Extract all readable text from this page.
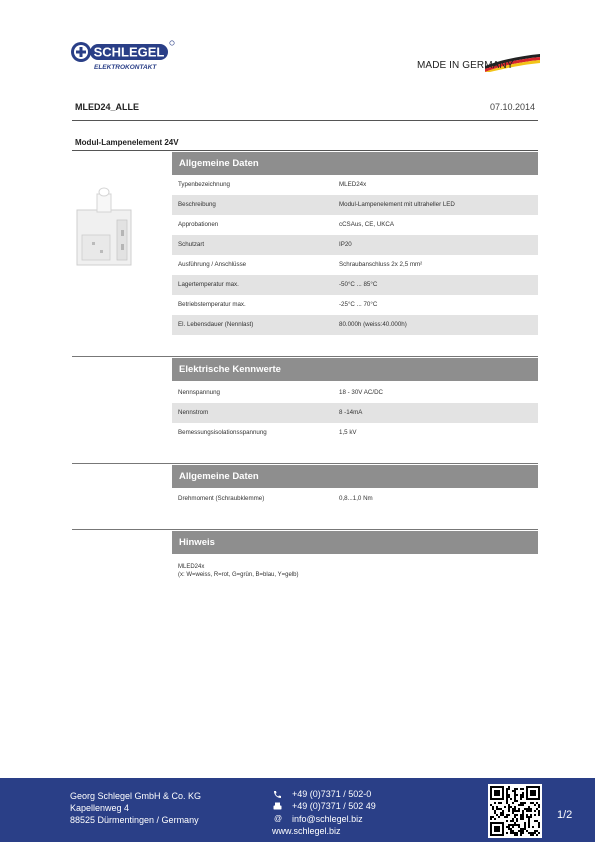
SCHLEGEL
ELEKTROKONTAKT	MADE IN GERMANY
MLED24_ALLE	07.10.2014
Modul-Lampenelement 24V
Allgemeine Daten
Typenbezeichnung	MLED24x
Beschreibung	Modul-Lampenelement mit ultraheller LED
Approbationen	cCSAus, CE, UKCA
Schutzart	IP20
Ausführung / Anschlüsse	Schraubanschluss 2x 2,5 mm²
Lagertemperatur max.	-50°C ... 85°C
Betriebstemperatur max.	-25°C ... 70°C
El. Lebensdauer (Nennlast)	80.000h (weiss:40.000h)
Elektrische Kennwerte
Nennspannung	18 - 30V AC/DC
Nennstrom	8 -14mA
Bemessungsisolationsspannung	1,5 kV
Allgemeine Daten
Drehmoment (Schraubklemme)	0,8...1,0 Nm
Hinweis
MLED24x
(x: W=weiss, R=rot, G=grün, B=blau, Y=gelb)
Georg Schlegel GmbH & Co. KG
Kapellenweg 4
88525 Dürmentingen / Germany	@
+49 (0)7371 / 502-0
+49 (0)7371 / 502 49
info@schlegel.biz
www.schlegel.biz
1/2
